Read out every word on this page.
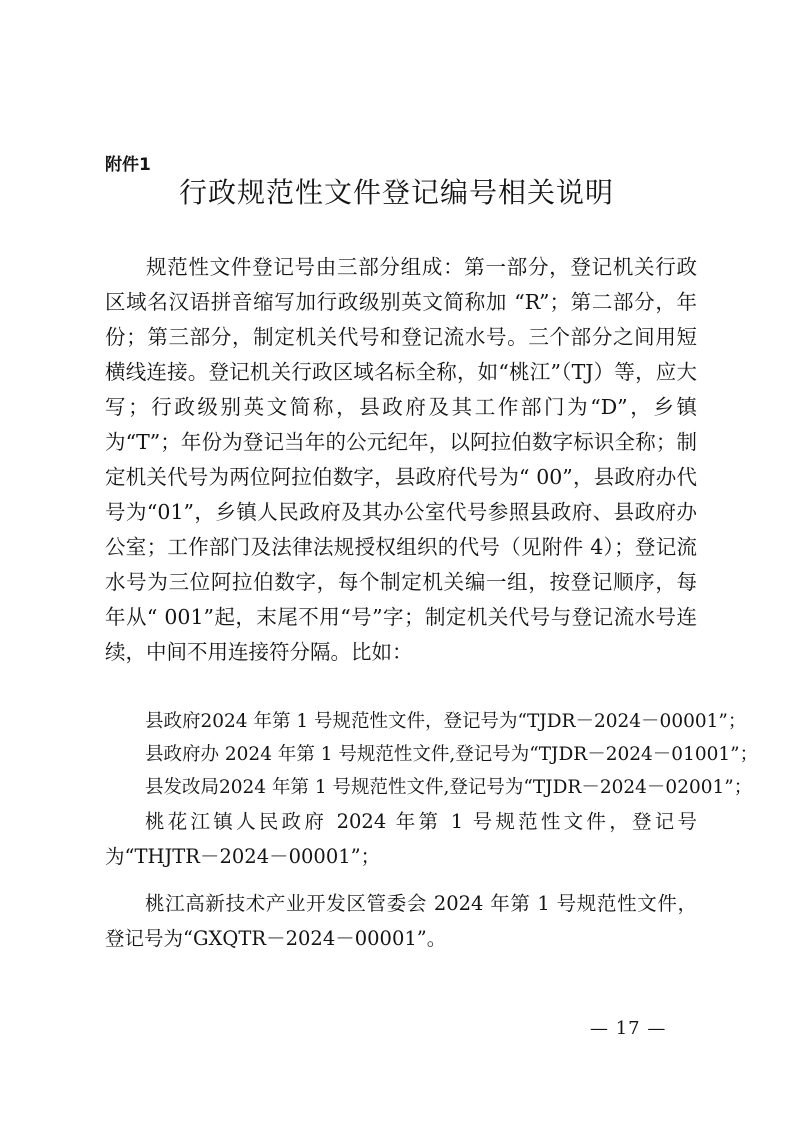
附件1
行政规范性文件登记编号相关说明

规范性文件登记号由三部分组成：第一部分，登记机关行政区域名汉语拼音缩写加行政级别英文简称加 “R”；第二部分，年份；第三部分，制定机关代号和登记流水号。三个部分之间用短横线连接。登记机关行政区域名标全称，如“桃江”（TJ）等，应大写；行政级别英文简称，县政府及其工作部门为“D”，乡镇为“T”；年份为登记当年的公元纪年，以阿拉伯数字标识全称；制定机关代号为两位阿拉伯数字，县政府代号为“ 00”，县政府办代号为“01”，乡镇人民政府及其办公室代号参照县政府、县政府办公室；工作部门及法律法规授权组织的代号（见附件 4）；登记流水号为三位阿拉伯数字，每个制定机关编一组，按登记顺序，每年从“ 001”起，末尾不用“号”字；制定机关代号与登记流水号连续，中间不用连接符分隔。比如：

县政府2024 年第 1 号规范性文件，登记号为“TJDR－2024－00001”；

县政府办 2024 年第 1 号规范性文件,登记号为“TJDR－2024－01001”；

县发改局2024 年第 1 号规范性文件,登记号为“TJDR－2024－02001”；

桃花江镇人民政府 2024 年第 1 号规范性文件，登记号为“THJTR－2024－00001”；

桃江高新技术产业开发区管委会 2024 年第 1 号规范性文件，登记号为“GXQTR－2024－00001”。

— 17 —
